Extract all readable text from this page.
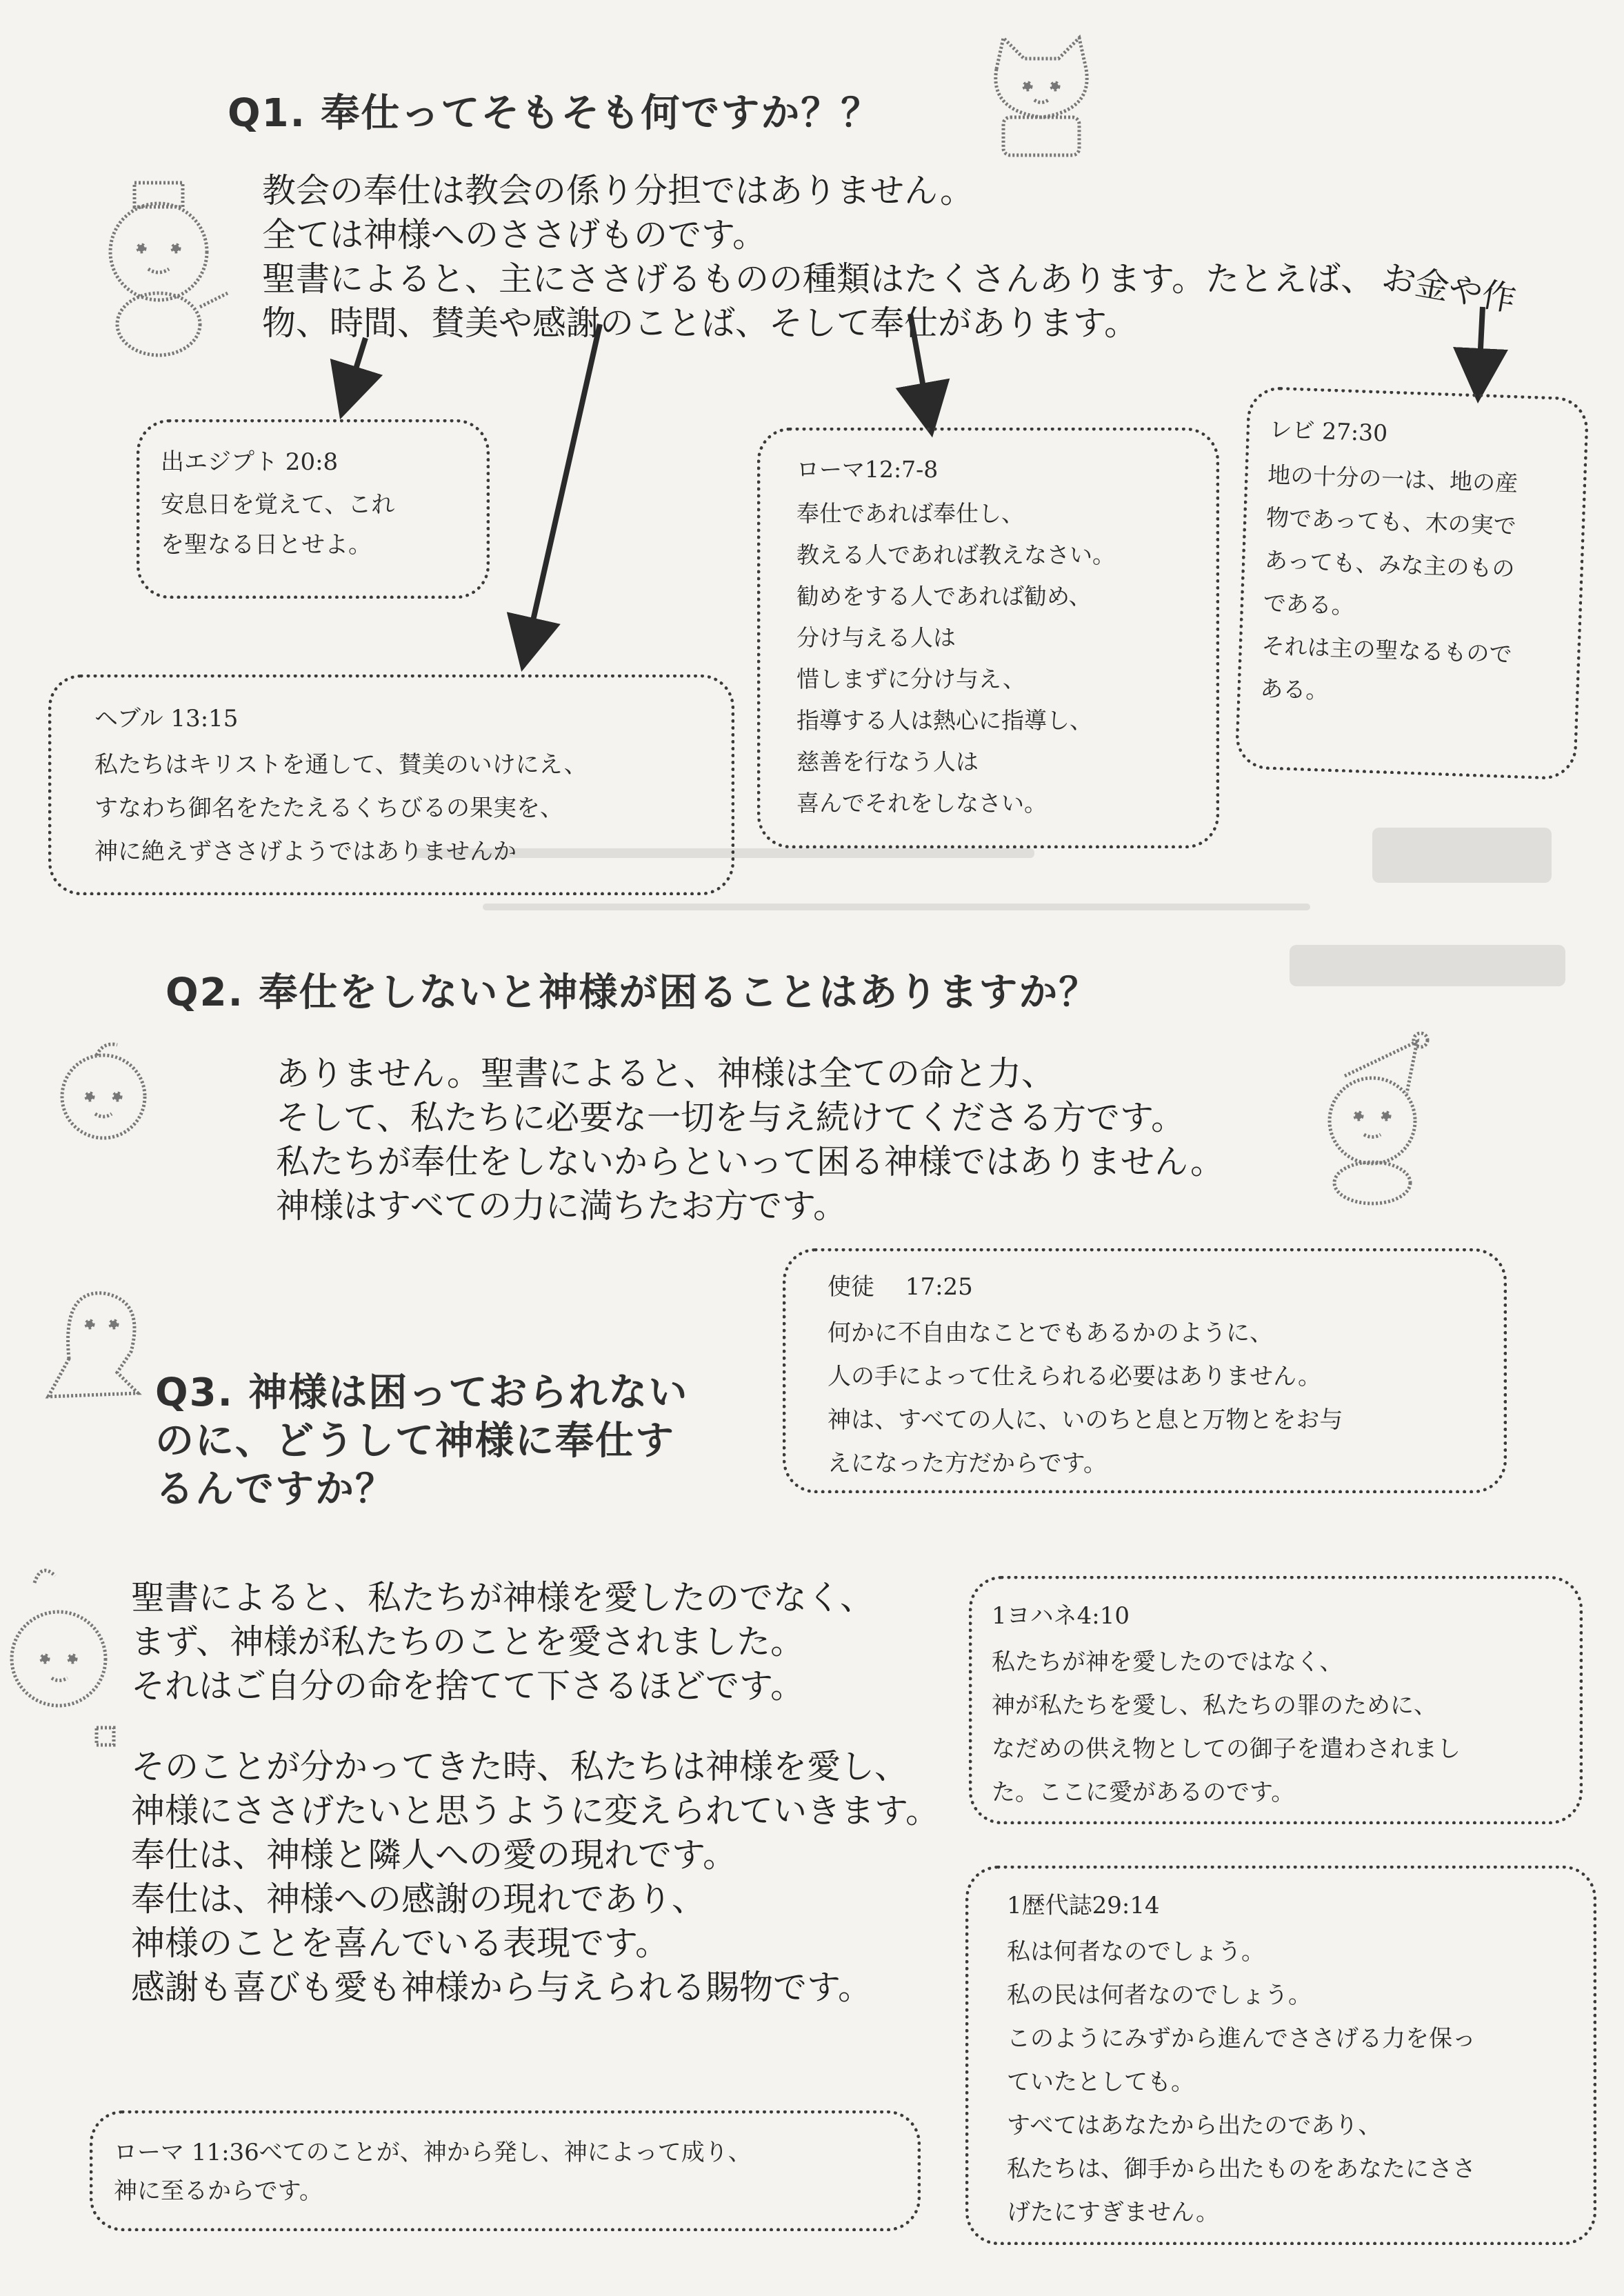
Q1. 奉仕ってそもそも何ですか？？
教会の奉仕は教会の係り分担ではありません。
全ては神様へのささげものです。
聖書によると、主にささげるものの種類はたくさんあります。たとえば、
物、時間、賛美や感謝のことば、そして奉仕があります。
お金や作
出エジプト 20:8
安息日を覚えて、これ
を聖なる日とせよ。
ヘブル 13:15
私たちはキリストを通して、賛美のいけにえ、
すなわち御名をたたえるくちびるの果実を、
神に絶えずささげようではありませんか
ローマ12:7-8
奉仕であれば奉仕し、
教える人であれば教えなさい。
勧めをする人であれば勧め、
分け与える人は
惜しまずに分け与え、
指導する人は熱心に指導し、
慈善を行なう人は
喜んでそれをしなさい。
レビ 27:30
地の十分の一は、地の産
物であっても、木の実で
あっても、みな主のもの
である。
それは主の聖なるもので
ある。
Q2. 奉仕をしないと神様が困ることはありますか？
ありません。聖書によると、神様は全ての命と力、
そして、私たちに必要な一切を与え続けてくださる方です。
私たちが奉仕をしないからといって困る神様ではありません。
神様はすべての力に満ちたお方です。
使徒　 17:25
何かに不自由なことでもあるかのように、
人の手によって仕えられる必要はありません。
神は、すべての人に、いのちと息と万物とをお与
えになった方だからです。
Q3. 神様は困っておられない
のに、どうして神様に奉仕す
るんですか？
聖書によると、私たちが神様を愛したのでなく、
まず、神様が私たちのことを愛されました。
それはご自分の命を捨てて下さるほどです。
そのことが分かってきた時、私たちは神様を愛し、
神様にささげたいと思うように変えられていきます。
奉仕は、神様と隣人への愛の現れです。
奉仕は、神様への感謝の現れであり、
神様のことを喜んでいる表現です。
感謝も喜びも愛も神様から与えられる賜物です。
1ヨハネ4:10
私たちが神を愛したのではなく、
神が私たちを愛し、私たちの罪のために、
なだめの供え物としての御子を遣わされまし
た。ここに愛があるのです。
1歴代誌29:14
私は何者なのでしょう。
私の民は何者なのでしょう。
このようにみずから進んでささげる力を保っ
ていたとしても。
すべてはあなたから出たのであり、
私たちは、御手から出たものをあなたにささ
げたにすぎません。
ローマ 11:36べてのことが、神から発し、神によって成り、
神に至るからです。
